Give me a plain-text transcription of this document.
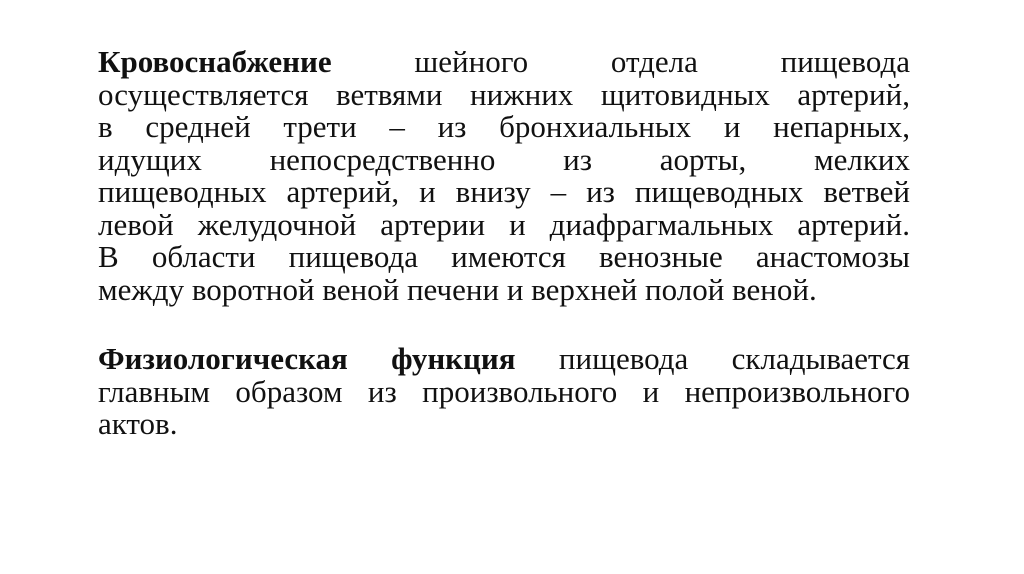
Кровоснабжение	шейного отдела пищевода
осуществляется ветвями нижних щитовидных артерий,
в средней трети – из бронхиальных и непарных,
идущих непосредственно из аорты, мелких
пищеводных артерий, и внизу – из пищеводных ветвей
левой желудочной артерии и диафрагмальных артерий.
В области пищевода имеются венозные анастомозы
между воротной веной печени и верхней полой веной.
Физиологическая функция пищевода складывается
главным образом из произвольного и непроизвольного
актов.
